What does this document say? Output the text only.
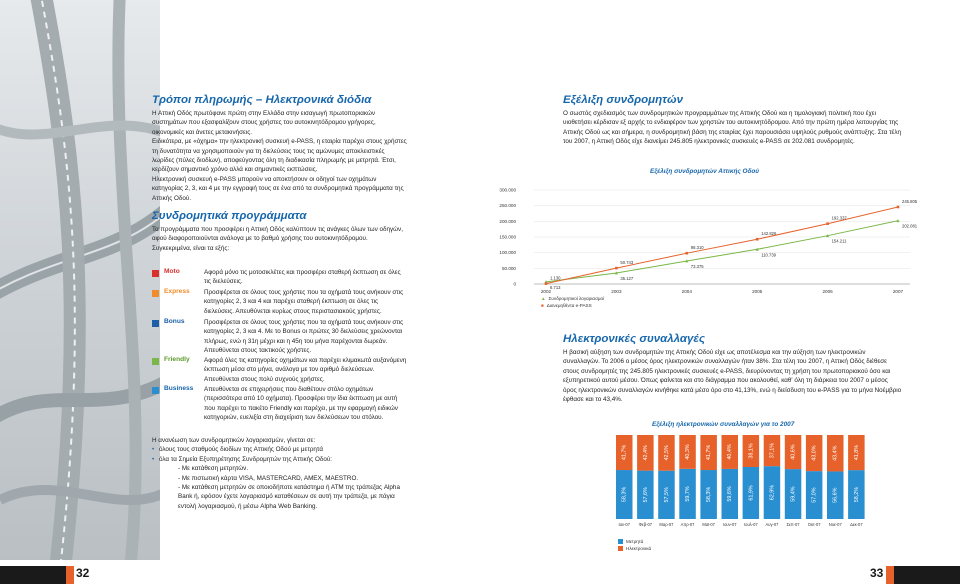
Τρόποι πληρωμής – Ηλεκτρονικά διόδια

Η Αττική Οδός πρωτόφανε πρώτη στην Ελλάδα στην εισαγωγή πρωτοποριακών συστημάτων που εξασφαλίζουν στους χρήστες του αυτοκινητόδρομου γρήγορες, οικονομικές και άνετες μετακινήσεις.

Ειδικότερα, με «όχημα» την ηλεκτρονική συσκευή e-PASS, η εταιρία παρέχει στους χρήστες τη δυνατότητα να χρησιμοποιούν για τη διελεύσεις τους τις αμώνυμες αποκλειστικές λωρίδες (πύλες διοδίων), αποφεύγοντας όλη τη διαδικασία πληρωμής με μετρητά. Έτσι, κερδίζουν σημαντικό χρόνο αλλά και σημαντικές εκπτώσεις.

Ηλεκτρονική συσκευή e-PASS μπορούν να αποκτήσουν οι οδηγοί των οχημάτων κατηγορίας 2, 3, και 4 με την εγγραφή τους σε ένα από τα συνδρομητικά προγράμματα της Αττικής Οδού.

Συνδρομητικά προγράμματα

Τα προγράμματα που προσφέρει η Αττική Οδός καλύπτουν τις ανάγκες όλων των οδηγών, αφού διαφοροποιούνται ανάλογα με το βαθμό χρήσης του αυτοκινητόδρομου. Συγκεκριμένα, είναι τα εξής:

Moto	Αφορά μόνο τις μοτοσικλέτες και προσφέρει σταθερή έκπτωση σε όλες τις διελεύσεις.

Express Προσφέρεται σε όλους τους χρήστες που τα οχήματά τους ανήκουν στις κατηγορίες 2, 3 και 4 και παρέχει σταθερή έκπτωση σε όλες τις διελεύσεις. Απευθύνεται κυρίως στους περιστασιακούς χρήστες.

Bonus	Προσφέρεται σε όλους τους χρήστες που τα οχήματά τους ανήκουν στις κατηγορίες 2, 3 και 4. Με το Bonus οι πρώτες 30 διελεύσεις χρεώνονται πλήρως, ενώ η 31η μέχρι και η 45η του μήνα παρέχονται δωρεάν. Απευθύνεται στους τακτικούς χρήστες.

Friendly Αφορά όλες τις κατηγορίες οχημάτων και παρέχει κλιμακωτά αυξανόμενη έκπτωση μέσα στο μήνα, ανάλογα με τον αριθμό διελεύσεων. Απευθύνεται στους πολύ συχνούς χρήστες.

Business Απευθύνεται σε επιχειρήσεις που διαθέτουν στόλο οχημάτων (περισσότερα από 10 οχήματα). Προσφέρει την ίδια έκπτωση με αυτή που παρέχει το πακέτο Friendly και παρέχει, με την εφαρμογή ειδικών κατηγοριών, ευελιξία στη διαχείριση των διελεύσεων του στόλου.

Η ανανέωση των συνδρομητικών λογαριασμών, γίνεται σε:

• όλους τους σταθμούς διοδίων της Αττικής Οδού με μετρητά

• όλα τα Σημεία Εξυπηρέτησης Συνδρομητών της Αττικής Οδού:

- Με κατάθεση μετρητών.

- Με πιστωτική κάρτα VISA, MASTERCARD, AMEX, MAESTRO.

- Με κατάθεση μετρητών σε οποιοδήποτε κατάστημα ή ΑΤΜ της τράπεζας Alpha Bank ή, εφόσον έχετε λογαριασμό καταθέσεων σε αυτή την τράπεζα, με πάγια εντολή λογαριασμού, ή μέσω Alpha Web Banking.

Εξέλιξη συνδρομητών

Ο σωστός σχεδιασμός των συνδρομητικών προγραμμάτων της Αττικής Οδού και η τιμολογιακή πολιτική που έχει υιοθετήσει κέρδισαν εξ αρχής το ενδιαφέρον των χρηστών του αυτοκινητόδρομου. Από την πρώτη ημέρα λειτουργίας της Αττικής Οδού ως και σήμερα, η συνδρομητική βάση της εταιρίας έχει παρουσιάσει υψηλούς ρυθμούς ανάπτυξης. Στα τέλη του 2007, η Αττική Οδός είχε διανείμει 245.805 ηλεκτρονικές συσκευές e-PASS σε 202.081 συνδρομητές.

Εξέλιξη συνδρομητών Αττικής Οδού
0
50.000
100.000
150.000
200.000
250.000
300.000
2002	2003	2004	2005	2006	2007
6.713
35.127
73.375
110.739
154.211
202.081
1.130
50.743
98.310
142.826
192.337
245.805
▲ Συνδρομητικοί λογαριασμοί
■ Διανεμηθέντα e-PASS
Ηλεκτρονικές συναλλαγές

Η βασική αύξηση των συνδρομητών της Αττικής Οδού είχε ως αποτέλεσμα και την αύξηση των ηλεκτρονικών συναλλαγών. Το 2006 ο μέσος όρος ηλεκτρονικών συναλλαγών ήταν 38%. Στα τέλη του 2007, η Αττική Οδός διέθεσε στους συνδρομητές της 245.805 ηλεκτρονικές συσκευές e-PASS, διευρύνοντας τη χρήση του πρωτοποριακού όσο και εξυπηρετικού αυτού μέσου. Όπως φαίνεται και στο διάγραμμα που ακολουθεί, καθ' όλη τη διάρκεια του 2007 ο μέσος όρος ηλεκτρονικών συναλλαγών κινήθηκε κατά μέσο όρο στο 41,13%, ενώ η διείσδυση του e-PASS για το μήνα Νοέμβριο έφθασε και το 43,4%.

Εξέλιξη ηλεκτρονικών συναλλαγών για το 2007
58,3%
41,7%
Ιαν-07
57,6%
42,4%
Φεβ-07
57,5%
42,5%
Μαρ-07
59,7%
40,3%
Απρ-07
58,3%
41,7%
Μαϊ-07
59,6%
40,4%
Ιουν-07
61,9%
38,1%
Ιουλ-07
62,9%
37,1%
Αυγ-07
59,4%
40,6%
Σεπ-07
57,0%
43,0%
Οκτ-07
56,6%
43,4%
Νοε-07
58,2%
41,8%
Δεκ-07
Μετρητά
Ηλεκτρονικά
32	33
